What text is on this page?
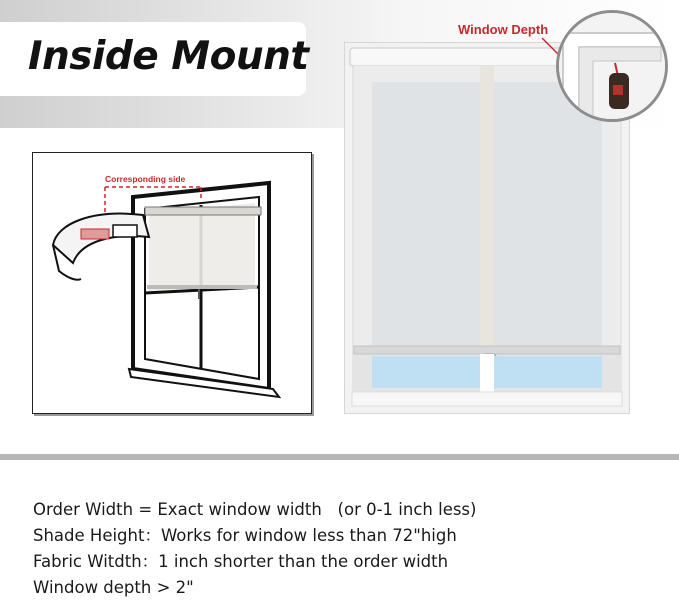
Inside Mount
Corresponding side
Window Depth
Order Width = Exact window width   (or 0-1 inch less)
Shade Height：Works for window less than 72"high
Fabric Witdth：1 inch shorter than the order width
Window depth > 2"
